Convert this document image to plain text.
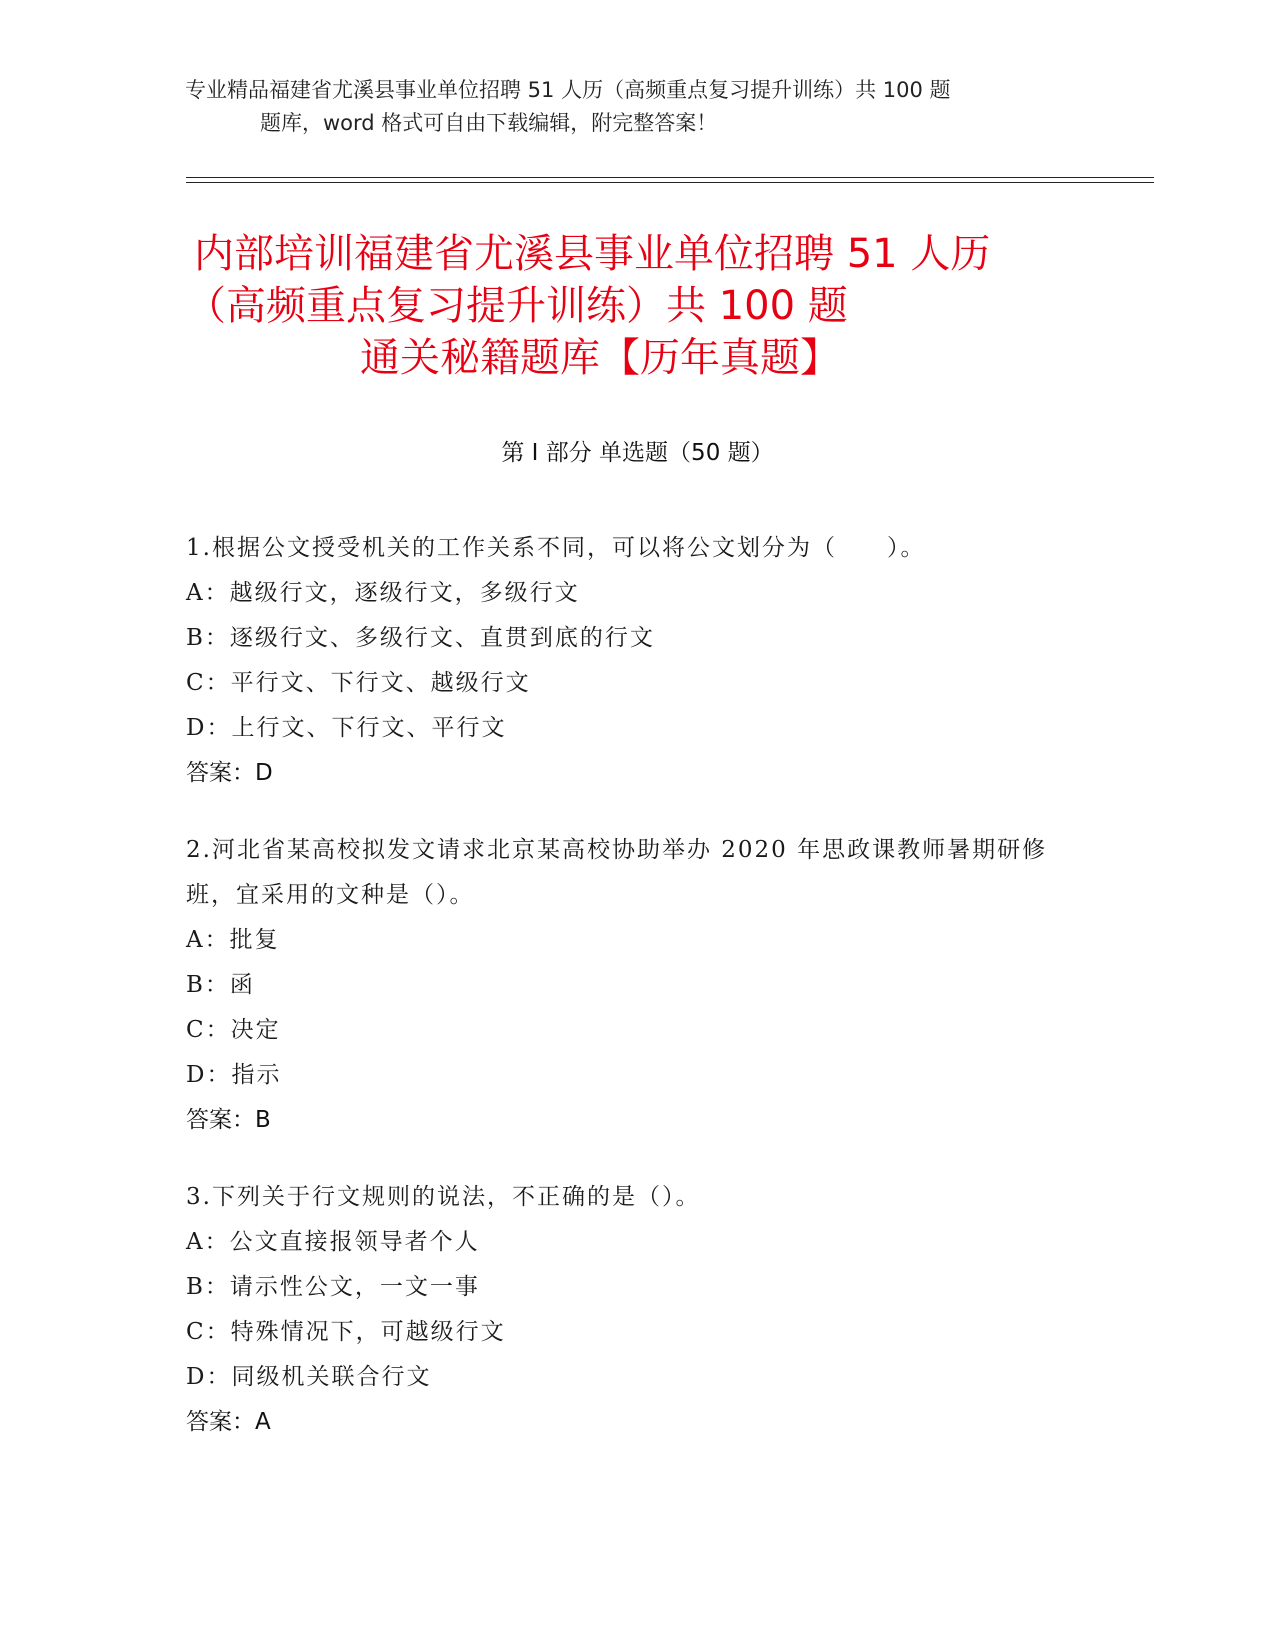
专业精品福建省尤溪县事业单位招聘 51 人历（高频重点复习提升训练）共 100 题
题库，word 格式可自由下载编辑，附完整答案！
内部培训福建省尤溪县事业单位招聘 51 人历
（高频重点复习提升训练）共 100 题
通关秘籍题库【历年真题】
第 I 部分 单选题（50 题）

1.根据公文授受机关的工作关系不同，可以将公文划分为（　　）。

A：越级行文，逐级行文，多级行文

B：逐级行文、多级行文、直贯到底的行文

C：平行文、下行文、越级行文

D：上行文、下行文、平行文

答案：D

2.河北省某高校拟发文请求北京某高校协助举办 2020 年思政课教师暑期研修班，宜采用的文种是（）。

A：批复

B：函

C：决定

D：指示

答案：B

3.下列关于行文规则的说法，不正确的是（）。

A：公文直接报领导者个人

B：请示性公文，一文一事

C：特殊情况下，可越级行文

D：同级机关联合行文

答案：A
